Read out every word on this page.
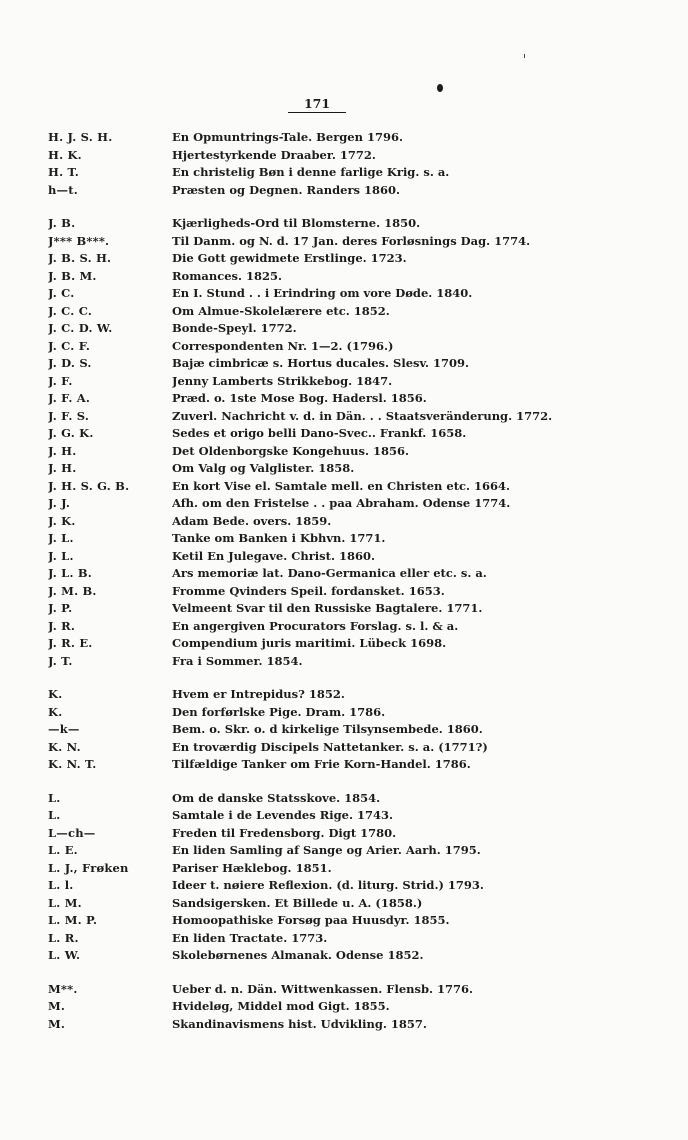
171
H. J. S. H.	En Opmuntrings-Tale. Bergen 1796.
H. K.	Hjertestyrkende Draaber. 1772.
H. T.	En christelig Bøn i denne farlige Krig. s. a.
h—t.	Præsten og Degnen. Randers 1860.
J. B.	Kjærligheds-Ord til Blomsterne. 1850.
J*** B***.	Til Danm. og N. d. 17 Jan. deres Forløsnings Dag. 1774.
J. B. S. H.	Die Gott gewidmete Erstlinge. 1723.
J. B. M.	Romances. 1825.
J. C.	En I. Stund . . i Erindring om vore Døde. 1840.
J. C. C.	Om Almue-Skolelærere etc. 1852.
J. C. D. W.	Bonde-Speyl. 1772.
J. C. F.	Correspondenten Nr. 1—2. (1796.)
J. D. S.	Bajæ cimbricæ s. Hortus ducales. Slesv. 1709.
J. F.	Jenny Lamberts Strikkebog. 1847.
J. F. A.	Præd. o. 1ste Mose Bog. Hadersl. 1856.
J. F. S.	Zuverl. Nachricht v. d. in Dän. . . Staatsveränderung. 1772.
J. G. K.	Sedes et origo belli Dano-Svec.. Frankf. 1658.
J. H.	Det Oldenborgske Kongehuus. 1856.
J. H.	Om Valg og Valglister. 1858.
J. H. S. G. B.	En kort Vise el. Samtale mell. en Christen etc. 1664.
J. J.	Afh. om den Fristelse . . paa Abraham. Odense 1774.
J. K.	Adam Bede. overs. 1859.
J. L.	Tanke om Banken i Kbhvn. 1771.
J. L.	Ketil En Julegave. Christ. 1860.
J. L. B.	Ars memoriæ lat. Dano-Germanica eller etc. s. a.
J. M. B.	Fromme Qvinders Speil. fordansket. 1653.
J. P.	Velmeent Svar til den Russiske Bagtalere. 1771.
J. R.	En angergiven Procurators Forslag. s. l. & a.
J. R. E.	Compendium juris maritimi. Lübeck 1698.
J. T.	Fra i Sommer. 1854.
K.	Hvem er Intrepidus? 1852.
K.	Den forførlske Pige. Dram. 1786.
—k—	Bem. o. Skr. o. d kirkelige Tilsynsembede. 1860.
K. N.	En troværdig Discipels Nattetanker. s. a. (1771?)
K. N. T.	Tilfældige Tanker om Frie Korn-Handel. 1786.
L.	Om de danske Statsskove. 1854.
L.	Samtale i de Levendes Rige. 1743.
L—ch—	Freden til Fredensborg. Digt 1780.
L. E.	En liden Samling af Sange og Arier. Aarh. 1795.
L. J., Frøken	Pariser Hæklebog. 1851.
L. l.	Ideer t. nøiere Reflexion. (d. liturg. Strid.) 1793.
L. M.	Sandsigersken. Et Billede u. A. (1858.)
L. M. P.	Homoopathiske Forsøg paa Huusdyr. 1855.
L. R.	En liden Tractate. 1773.
L. W.	Skolebørnenes Almanak. Odense 1852.
M**.	Ueber d. n. Dän. Wittwenkassen. Flensb. 1776.
M.	Hvideløg, Middel mod Gigt. 1855.
M.	Skandinavismens hist. Udvikling. 1857.
